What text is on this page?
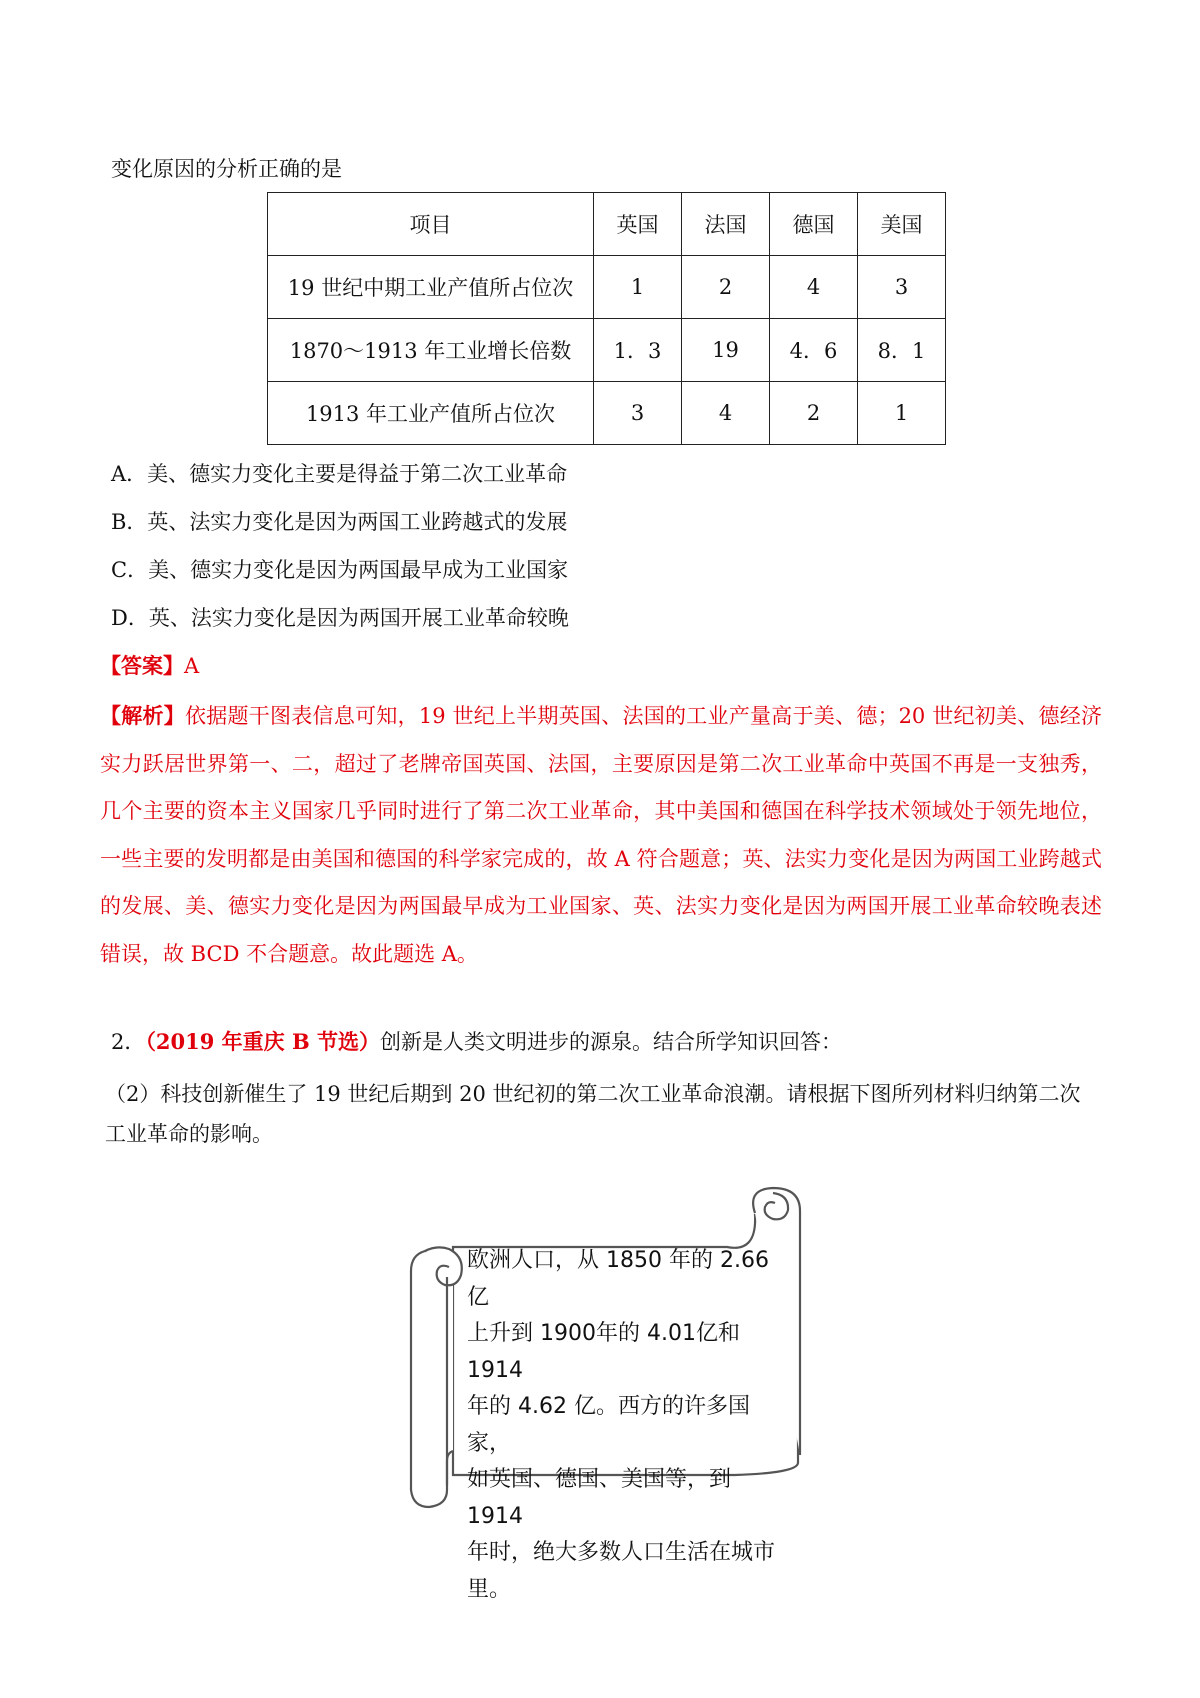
变化原因的分析正确的是
项目	英国	法国	德国	美国
19 世纪中期工业产值所占位次	1	2	4	3
1870～1913 年工业增长倍数	1．3	19	4．6	8．1
1913 年工业产值所占位次	3	4	2	1
A．美、德实力变化主要是得益于第二次工业革命
B．英、法实力变化是因为两国工业跨越式的发展
C．美、德实力变化是因为两国最早成为工业国家
D．英、法实力变化是因为两国开展工业革命较晚
【答案】A
【解析】依据题干图表信息可知，19 世纪上半期英国、法国的工业产量高于美、德；20 世纪初美、德经济实力跃居世界第一、二，超过了老牌帝国英国、法国，主要原因是第二次工业革命中英国不再是一支独秀，几个主要的资本主义国家几乎同时进行了第二次工业革命，其中美国和德国在科学技术领域处于领先地位，一些主要的发明都是由美国和德国的科学家完成的，故 A 符合题意；英、法实力变化是因为两国工业跨越式的发展、美、德实力变化是因为两国最早成为工业国家、英、法实力变化是因为两国开展工业革命较晚表述错误，故 BCD 不合题意。故此题选 A。
2．（2019 年重庆 B 节选）创新是人类文明进步的源泉。结合所学知识回答：
（2）科技创新催生了 19 世纪后期到 20 世纪初的第二次工业革命浪潮。请根据下图所列材料归纳第二次工业革命的影响。
欧洲人口，从 1850 年的 2.66 亿
上升到 1900年的 4.01亿和1914
年的 4.62 亿。西方的许多国家，
如英国、德国、美国等，到 1914
年时，绝大多数人口生活在城市
里。
